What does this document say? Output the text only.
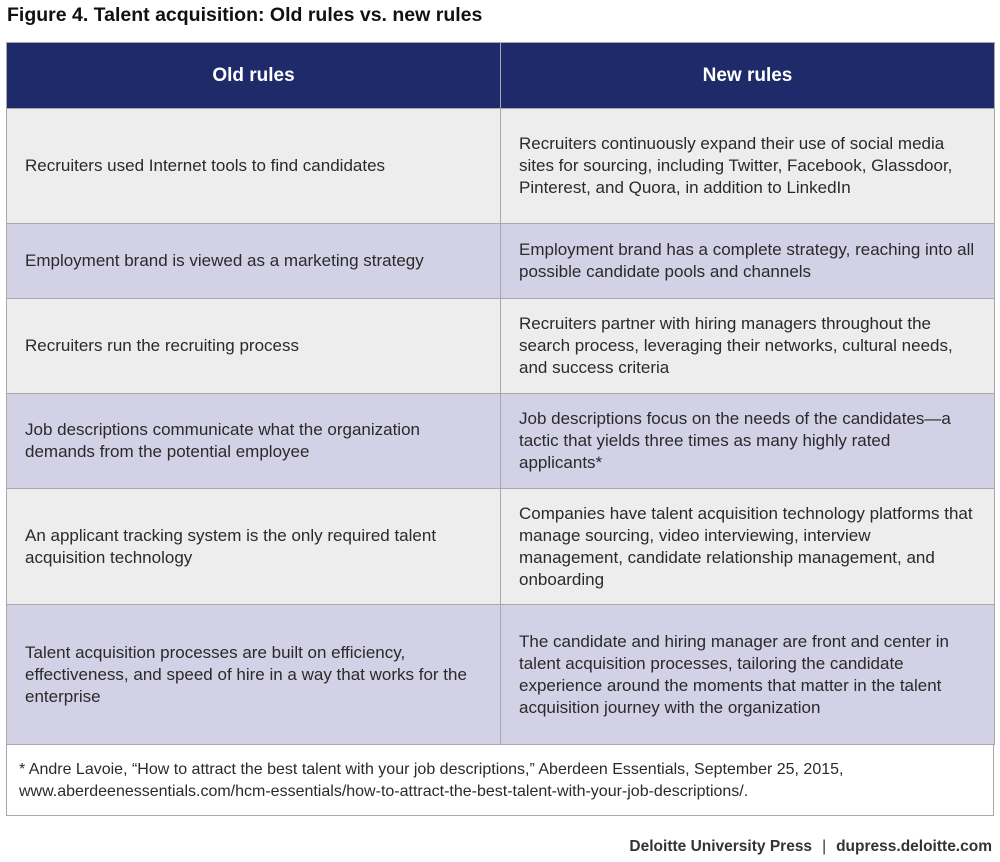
Figure 4. Talent acquisition: Old rules vs. new rules
Old rules	New rules
Recruiters used Internet tools to find candidates	Recruiters continuously expand their use of social media sites for sourcing, including Twitter, Facebook, Glassdoor, Pinterest, and Quora, in addition to LinkedIn
Employment brand is viewed as a marketing strategy	Employment brand has a complete strategy, reaching into all possible candidate pools and channels
Recruiters run the recruiting process	Recruiters partner with hiring managers throughout the search process, leveraging their networks, cultural needs, and success criteria
Job descriptions communicate what the organization demands from the potential employee	Job descriptions focus on the needs of the candidates—a tactic that yields three times as many highly rated applicants*
An applicant tracking system is the only required talent acquisition technology	Companies have talent acquisition technology platforms that manage sourcing, video interviewing, interview management, candidate relationship management, and onboarding
Talent acquisition processes are built on efficiency, effectiveness, and speed of hire in a way that works for the enterprise	The candidate and hiring manager are front and center in talent acquisition processes, tailoring the candidate experience around the moments that matter in the talent acquisition journey with the organization
* Andre Lavoie, “How to attract the best talent with your job descriptions,” Aberdeen Essentials, September 25, 2015, www.aberdeenessentials.com/hcm-essentials/how-to-attract-the-best-talent-with-your-job-descriptions/.
Deloitte University Press | dupress.deloitte.com
